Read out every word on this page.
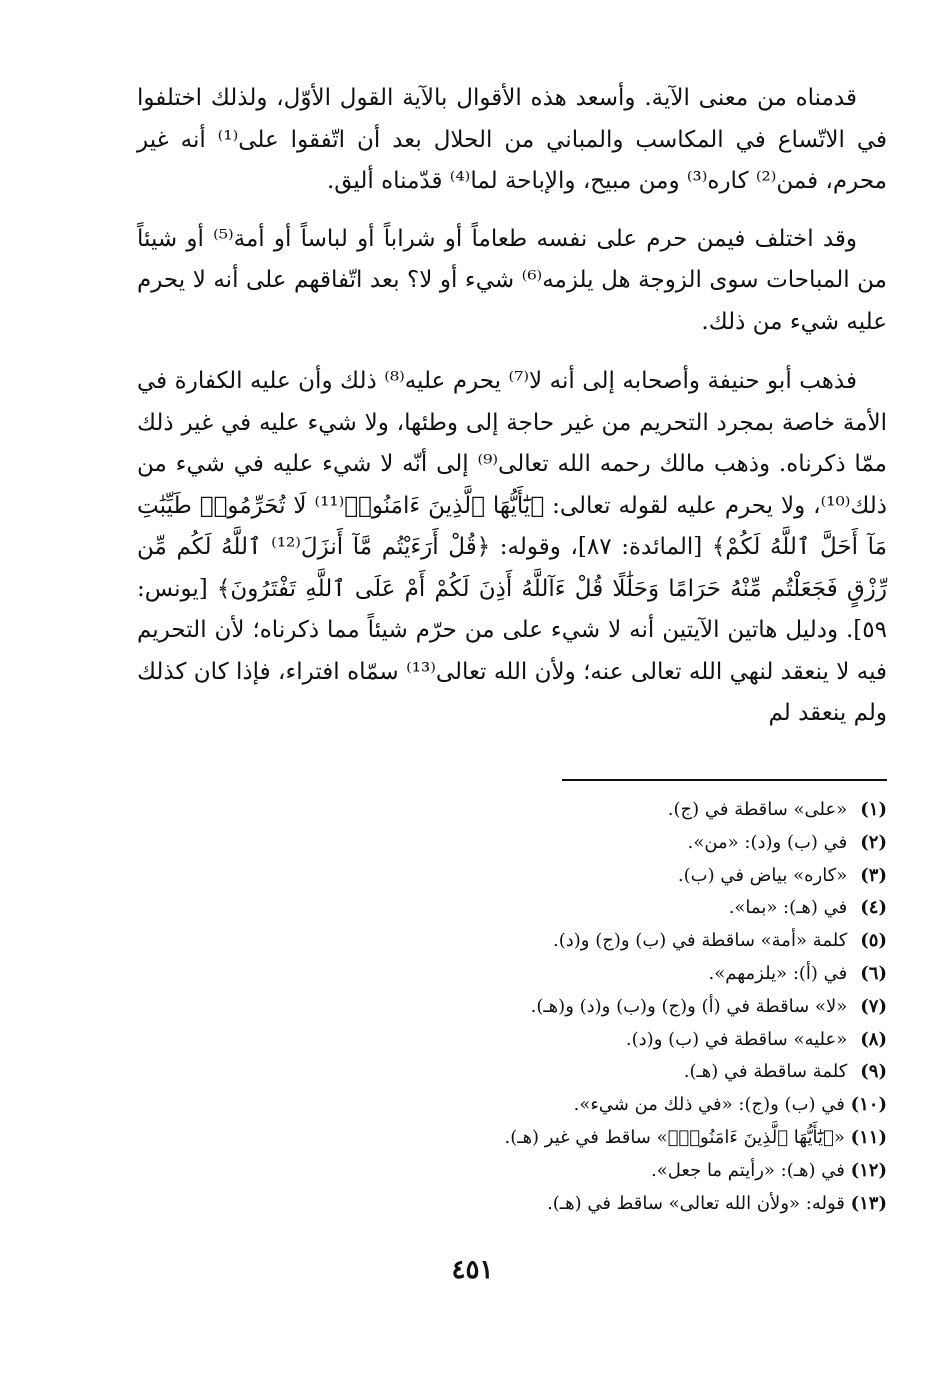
قدمناه من معنى الآية. وأسعد هذه الأقوال بالآية القول الأوّل، ولذلك اختلفوا في الاتّساع في المكاسب والمباني من الحلال بعد أن اتّفقوا على⁽¹⁾ أنه غير محرم، فمن⁽²⁾ كاره⁽³⁾ ومن مبيح، والإباحة لما⁽⁴⁾ قدّمناه أليق.

وقد اختلف فيمن حرم على نفسه طعاماً أو شراباً أو لباساً أو أمة⁽⁵⁾ أو شيئاً من المباحات سوى الزوجة هل يلزمه⁽⁶⁾ شيء أو لا؟ بعد اتّفاقهم على أنه لا يحرم عليه شيء من ذلك.

فذهب أبو حنيفة وأصحابه إلى أنه لا⁽⁷⁾ يحرم عليه⁽⁸⁾ ذلك وأن عليه الكفارة في الأمة خاصة بمجرد التحريم من غير حاجة إلى وطئها، ولا شيء عليه في غير ذلك ممّا ذكرناه. وذهب مالك رحمه الله تعالى⁽⁹⁾ إلى أنّه لا شيء عليه في شيء من ذلك⁽¹⁰⁾، ولا يحرم عليه لقوله تعالى: ﴿يَٰٓأَيُّهَا ٱلَّذِينَ ءَامَنُوا۟⁽¹¹⁾ لَا تُحَرِّمُوا۟ طَيِّبَٰتِ مَآ أَحَلَّ ٱللَّهُ لَكُمْ﴾ [المائدة: ٨٧]، وقوله: ﴿قُلْ أَرَءَيْتُم مَّآ أَنزَلَ⁽¹²⁾ ٱللَّهُ لَكُم مِّن رِّزْقٍ فَجَعَلْتُم مِّنْهُ حَرَامًا وَحَلَٰلًا قُلْ ءَآللَّهُ أَذِنَ لَكُمْ أَمْ عَلَى ٱللَّهِ تَفْتَرُونَ﴾ [يونس: ٥٩]. ودليل هاتين الآيتين أنه لا شيء على من حرّم شيئاً مما ذكرناه؛ لأن التحريم فيه لا ينعقد لنهي الله تعالى عنه؛ ولأن الله تعالى⁽¹³⁾ سمّاه افتراء، فإذا كان كذلك ولم ينعقد لم

(١) «على» ساقطة في (ج).
(٢) في (ب) و(د): «من».
(٣) «كاره» بياض في (ب).
(٤) في (هـ): «بما».
(٥) كلمة «أمة» ساقطة في (ب) و(ج) و(د).
(٦) في (أ): «يلزمهم».
(٧) «لا» ساقطة في (أ) و(ج) و(ب) و(د) و(هـ).
(٨) «عليه» ساقطة في (ب) و(د).
(٩) كلمة ساقطة في (هـ).
(١٠) في (ب) و(ج): «في ذلك من شيء».
(١١) «﴿يَٰٓأَيُّهَا ٱلَّذِينَ ءَامَنُوا۟﴾» ساقط في غير (هـ).
(١٢) في (هـ): «رأيتم ما جعل».
(١٣) قوله: «ولأن الله تعالى» ساقط في (هـ).
٤٥١
